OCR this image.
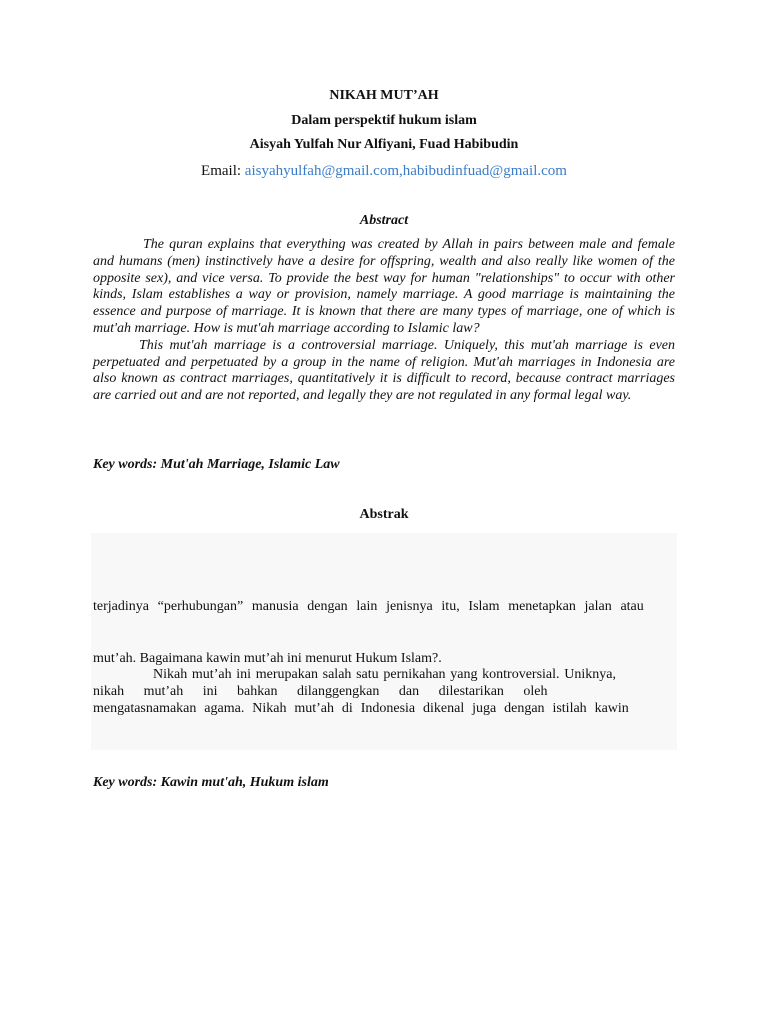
NIKAH MUT’AH
Dalam perspektif hukum islam
Aisyah Yulfah Nur Alfiyani, Fuad Habibudin
Email: aisyahyulfah@gmail.com,habibudinfuad@gmail.com
Abstract

The quran explains that everything was created by Allah in pairs between male and female and humans (men) instinctively have a desire for offspring, wealth and also really like women of the opposite sex), and vice versa. To provide the best way for human "relationships" to occur with other kinds, Islam establishes a way or provision, namely marriage. A good marriage is maintaining the essence and purpose of marriage. It is known that there are many types of marriage, one of which is mut'ah marriage. How is mut'ah marriage according to Islamic law?

This mut'ah marriage is a controversial marriage. Uniquely, this mut'ah marriage is even perpetuated and perpetuated by a group in the name of religion. Mut'ah marriages in Indonesia are also known as contract marriages, quantitatively it is difficult to record, because contract marriages are carried out and are not reported, and legally they are not regulated in any formal legal way.

Key words: Mut'ah Marriage, Islamic Law
Abstrak
terjadinya “perhubungan” manusia dengan lain jenisnya itu, Islam menetapkan jalan atau
mut’ah. Bagaimana kawin mut’ah ini menurut Hukum Islam?.
Nikah mut’ah ini merupakan salah satu pernikahan yang kontroversial. Uniknya,
nikah mut’ah ini bahkan dilanggengkan dan dilestarikan oleh
mengatasnamakan agama. Nikah mut’ah di Indonesia dikenal juga dengan istilah kawin
Key words: Kawin mut'ah, Hukum islam
